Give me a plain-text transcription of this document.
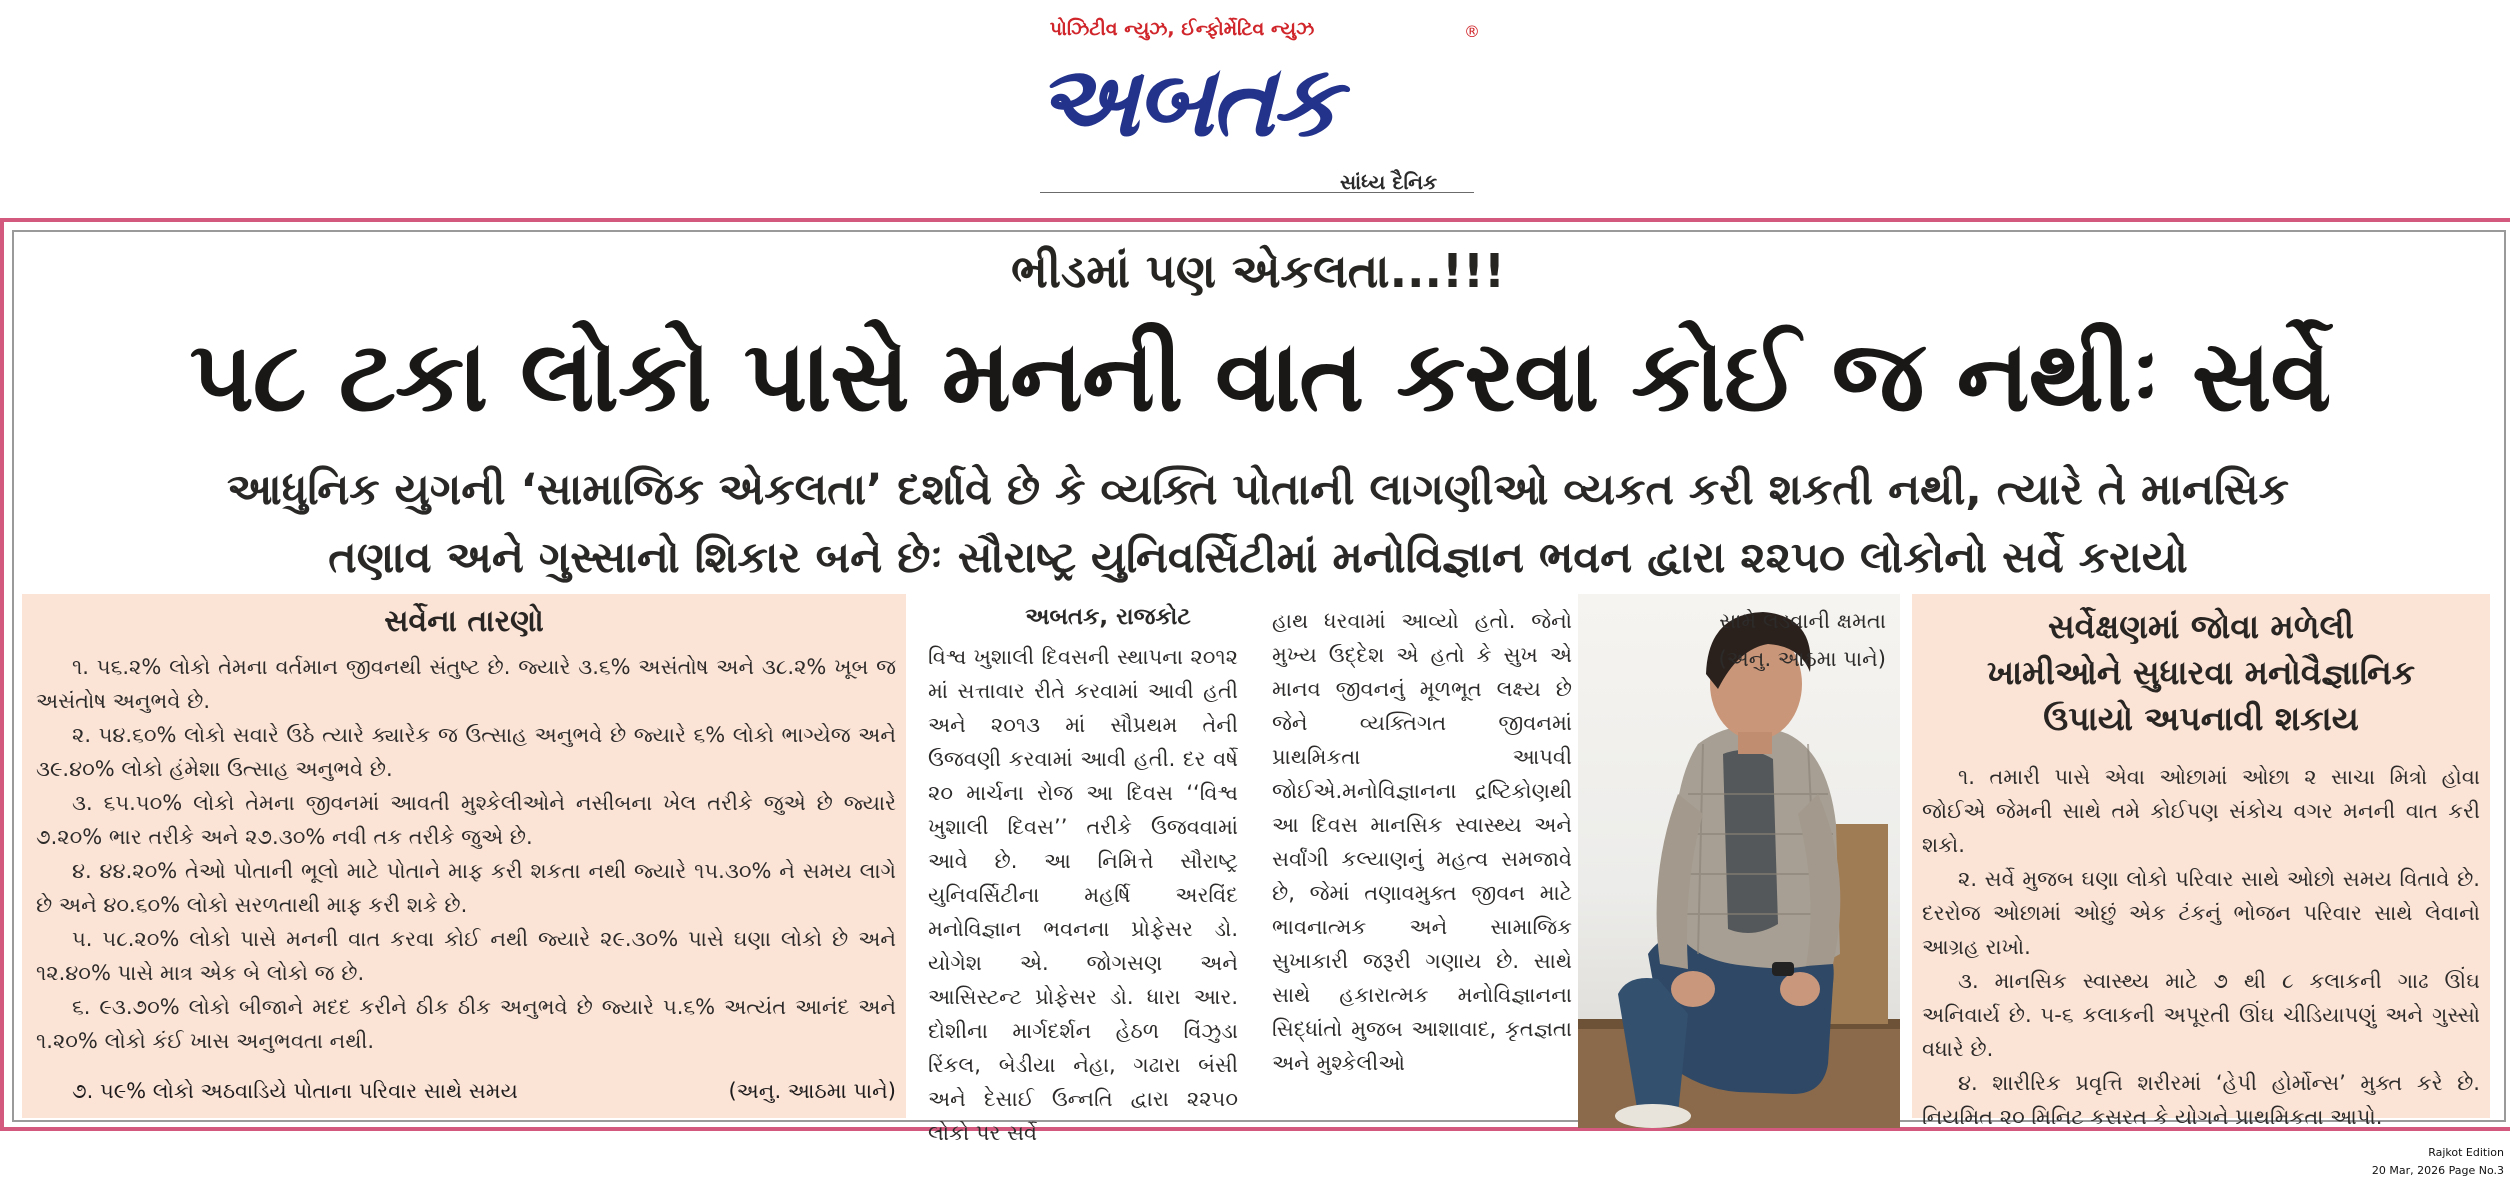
પોઝિટીવ ન્યુઝ, ઈન્ફોર્મેટિવ ન્યુઝ
અબતક
®
સાંધ્ય દૈનિક
ભીડમાં પણ એકલતા...!!!
૫૮ ટકા લોકો પાસે મનની વાત કરવા કોઈ જ નથીઃ સર્વે
આધુનિક યુગની ‘સામાજિક એકલતા’ દર્શાવે છે કે વ્યક્તિ પોતાની લાગણીઓ વ્યકત કરી શકતી નથી, ત્યારે તે માનસિક
તણાવ અને ગુસ્સાનો શિકાર બને છેઃ સૌરાષ્ટ્ર યુનિવર્સિટીમાં મનોવિજ્ઞાન ભવન દ્વારા ૨૨૫૦ લોકોનો સર્વે કરાયો
સર્વેના તારણો

૧. ૫૬.૨% લોકો તેમના વર્તમાન જીવનથી સંતુષ્ટ છે. જ્યારે ૩.૬% અસંતોષ અને ૩૮.૨% ખૂબ જ અસંતોષ અનુભવે છે.

૨. ૫૪.૬૦% લોકો સવારે ઉઠે ત્યારે ક્યારેક જ ઉત્સાહ અનુભવે છે જ્યારે ૬% લોકો ભાગ્યેજ અને ૩૯.૪૦% લોકો હંમેશા ઉત્સાહ અનુભવે છે.

૩. ૬૫.૫૦% લોકો તેમના જીવનમાં આવતી મુશ્કેલીઓને નસીબના ખેલ તરીકે જુએ છે જ્યારે ૭.૨૦% ભાર તરીકે અને ૨૭.૩૦% નવી તક તરીકે જુએ છે.

૪. ૪૪.૨૦% તેઓ પોતાની ભૂલો માટે પોતાને માફ કરી શકતા નથી જ્યારે ૧૫.૩૦% ને સમય લાગે છે અને ૪૦.૬૦% લોકો સરળતાથી માફ કરી શકે છે.

૫. ૫૮.૨૦% લોકો પાસે મનની વાત કરવા કોઈ નથી જ્યારે ૨૯.૩૦% પાસે ઘણા લોકો છે અને ૧૨.૪૦% પાસે માત્ર એક બે લોકો જ છે.

૬. ૯૩.૭૦% લોકો બીજાને મદદ કરીને ઠીક ઠીક અનુભવે છે જ્યારે ૫.૬% અત્યંત આનંદ અને ૧.૨૦% લોકો કંઈ ખાસ અનુભવતા નથી.

૭. ૫૯% લોકો અઠવાડિયે પોતાના પરિવાર સાથે સમય	(અનુ. આઠમા પાને)
અબતક, રાજકોટ
વિશ્વ ખુશાલી દિવસની સ્થાપના ૨૦૧૨ માં સત્તાવાર રીતે કરવામાં આવી હતી અને ૨૦૧૩ માં સૌપ્રથમ તેની ઉજવણી કરવામાં આવી હતી. દર વર્ષે ૨૦ માર્ચના રોજ આ દિવસ ‘‘વિશ્વ ખુશાલી દિવસ’’ તરીકે ઉજવવામાં આવે છે. આ નિમિત્તે સૌરાષ્ટ્ર યુનિવર્સિટીના મહર્ષિ અરવિંદ મનોવિજ્ઞાન ભવનના પ્રોફેસર ડો. યોગેશ એ. જોગસણ અને આસિસ્ટન્ટ પ્રોફેસર ડો. ધારા આર. દોશીના માર્ગદર્શન હેઠળ વિંઝુડા રિંકલ, બેડીયા નેહા, ગઢારા બંસી અને દેસાઈ ઉન્નતિ દ્વારા ૨૨૫૦ લોકો પર સર્વે
હાથ ધરવામાં આવ્યો હતો. જેનો મુખ્ય ઉદ્દેશ એ હતો કે સુખ એ માનવ જીવનનું મૂળભૂત લક્ષ્ય છે જેને વ્યક્તિગત જીવનમાં પ્રાથમિકતા આપવી જોઈએ.મનોવિજ્ઞાનના દ્રષ્ટિકોણથી આ દિવસ માનસિક સ્વાસ્થ્ય અને સર્વાંગી કલ્યાણનું મહત્વ સમજાવે છે, જેમાં તણાવમુક્ત જીવન માટે ભાવનાત્મક અને સામાજિક સુખાકારી જરૂરી ગણાય છે. સાથે સાથે હકારાત્મક મનોવિજ્ઞાનના સિદ્ધાંતો મુજબ આશાવાદ, કૃતજ્ઞતા અને મુશ્કેલીઓ
સામે લડવાની ક્ષમતા
(અનુ. આઠમા પાને)
સર્વેક્ષણમાં જોવા મળેલી
ખામીઓને સુધારવા મનોવૈજ્ઞાનિક
ઉપાયો અપનાવી શકાય

૧. તમારી પાસે એવા ઓછામાં ઓછા ૨ સાચા મિત્રો હોવા જોઈએ જેમની સાથે તમે કોઈપણ સંકોચ વગર મનની વાત કરી શકો.

૨. સર્વે મુજબ ઘણા લોકો પરિવાર સાથે ઓછો સમય વિતાવે છે. દરરોજ ઓછામાં ઓછું એક ટંકનું ભોજન પરિવાર સાથે લેવાનો આગ્રહ રાખો.

૩. માનસિક સ્વાસ્થ્ય માટે ૭ થી ૮ કલાકની ગાઢ ઊંઘ અનિવાર્ય છે. ૫-૬ કલાકની અપૂરતી ઊંઘ ચીડિયાપણું અને ગુસ્સો વધારે છે.

૪. શારીરિક પ્રવૃત્તિ શરીરમાં ‘હેપી હોર્મોન્સ’ મુક્ત કરે છે. નિયમિત ૨૦ મિનિટ કસરત કે યોગને પ્રાથમિકતા આપો.

Rajkot Edition
20 Mar, 2026 Page No.3
